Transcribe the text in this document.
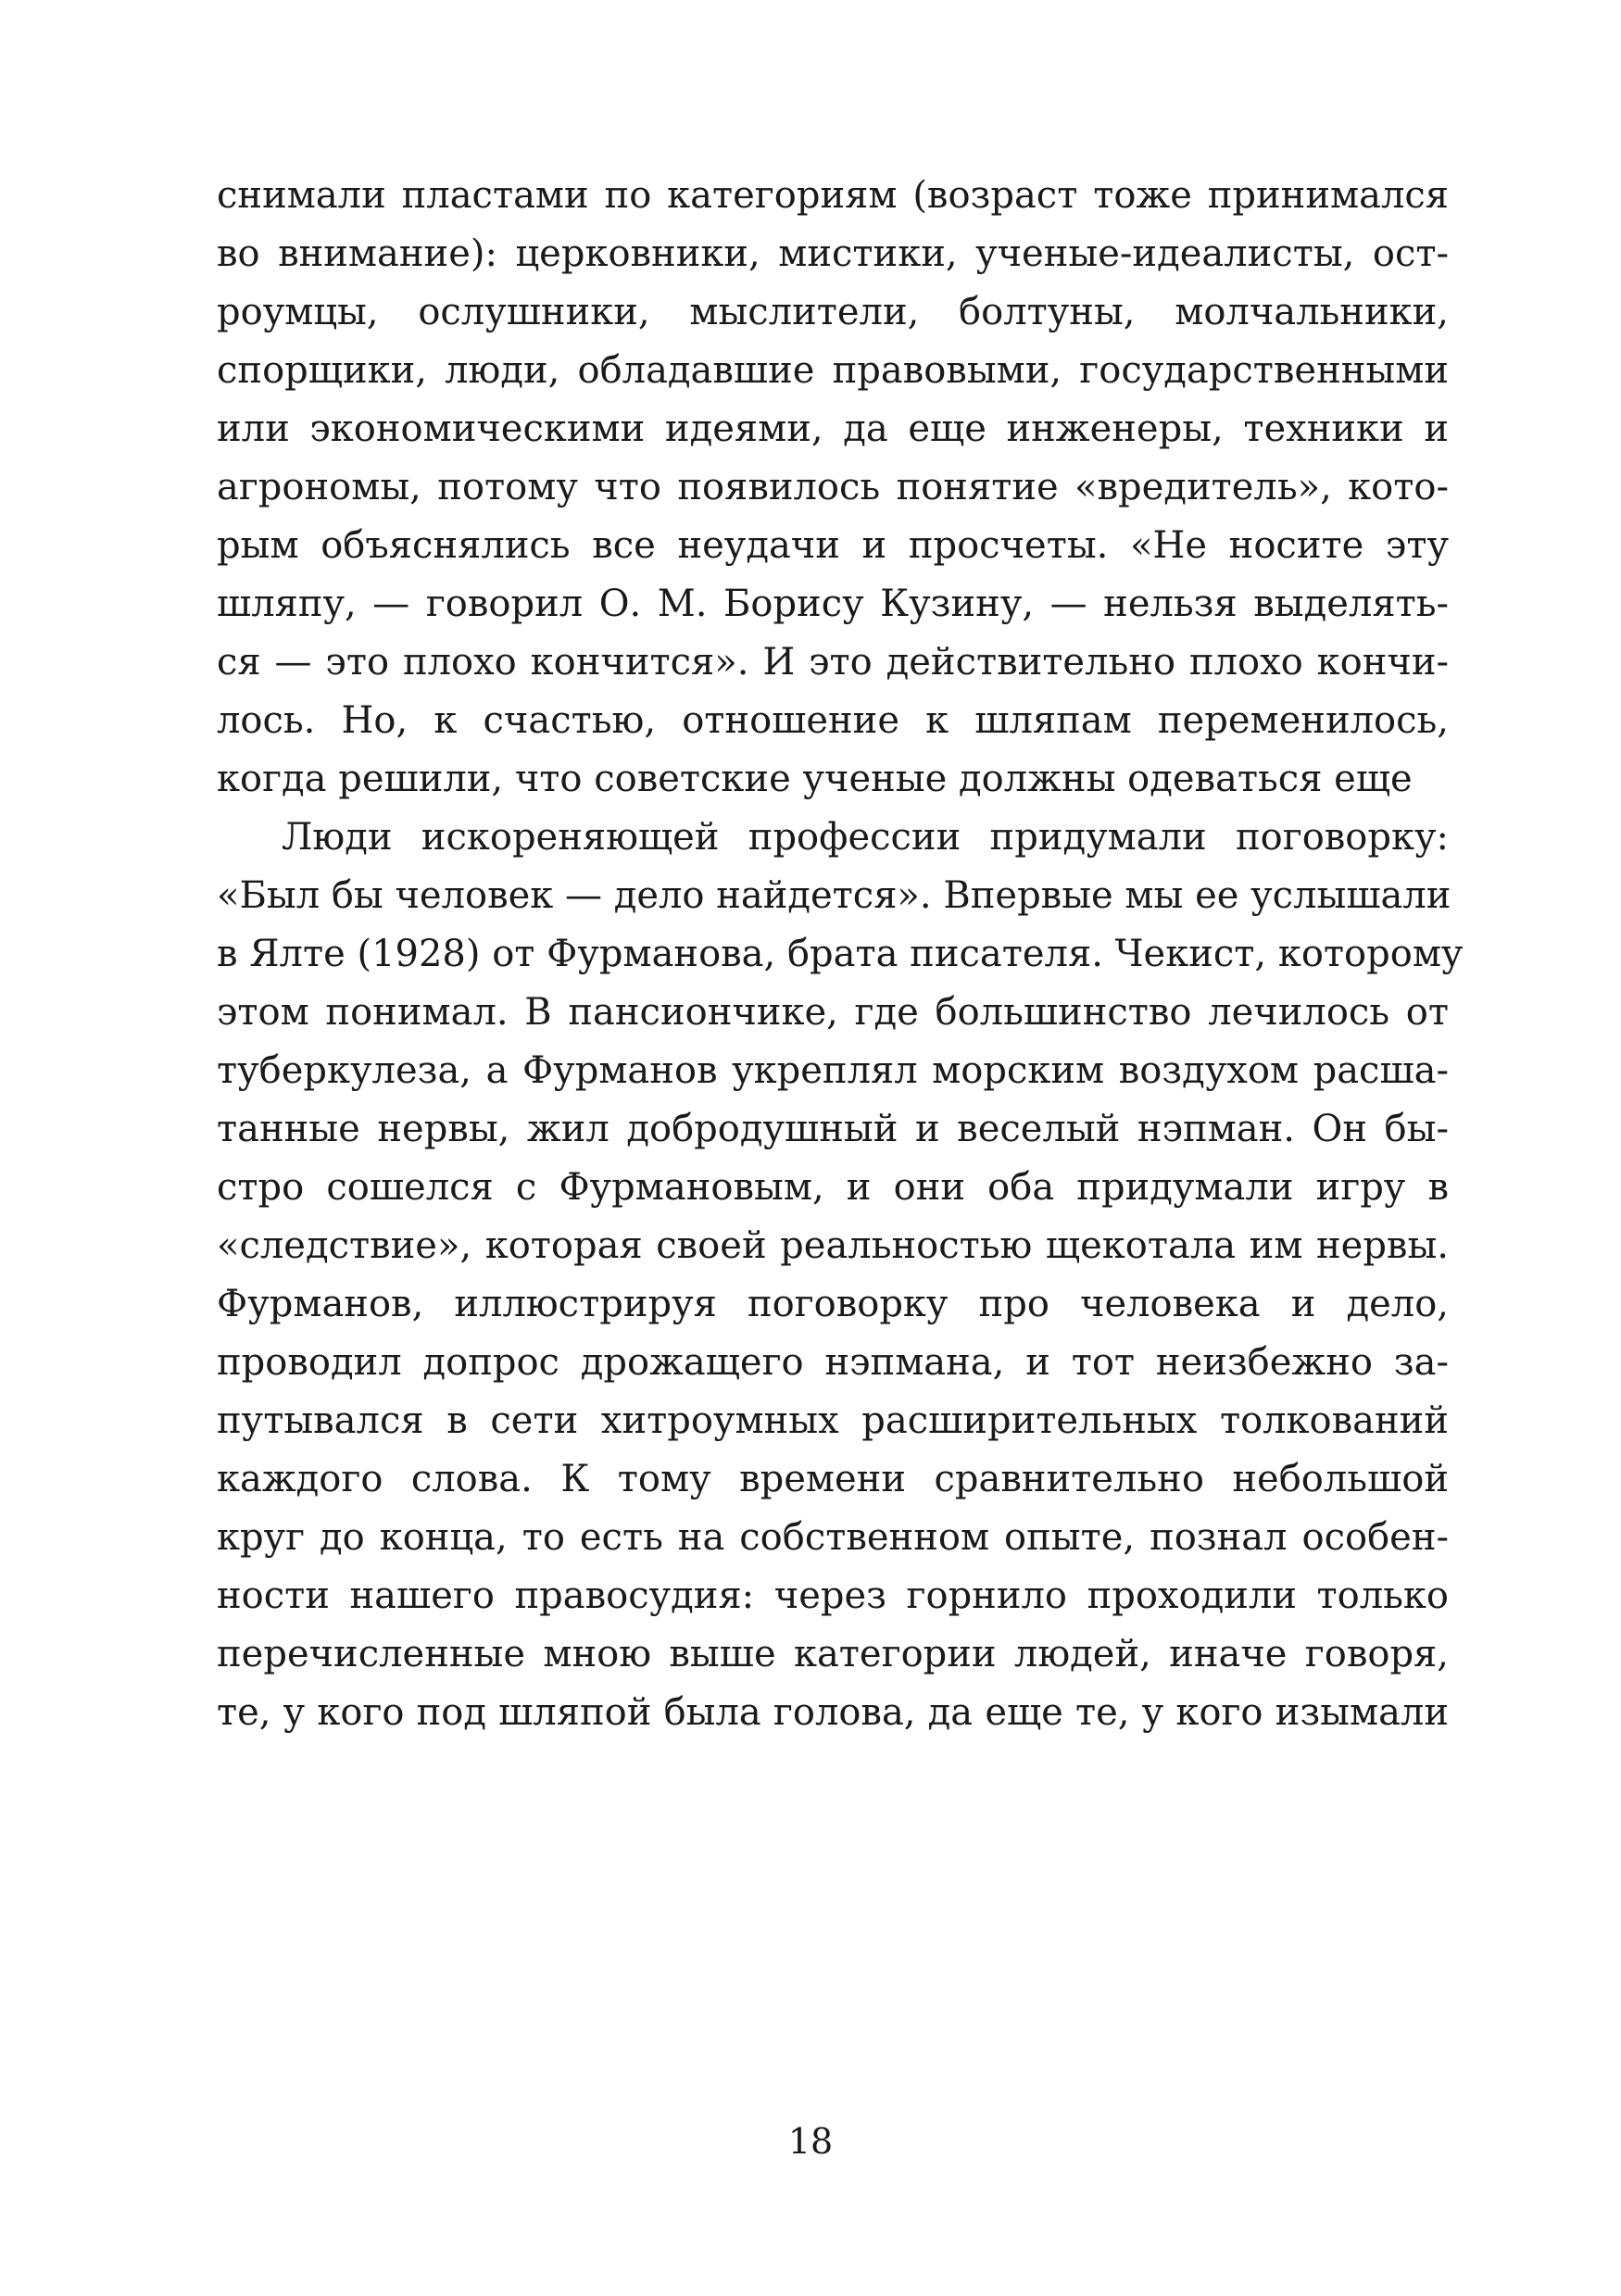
снимали пластами по категориям (возраст тоже принимался
во внимание): церковники, мистики, ученые-идеалисты, ост-
роумцы, ослушники, мыслители, болтуны, молчальники,
спорщики, люди, обладавшие правовыми, государственными
или экономическими идеями, да еще инженеры, техники и
агрономы, потому что появилось понятие «вредитель», кото-
рым объяснялись все неудачи и просчеты. «Не носите эту
шляпу, — говорил О. М. Борису Кузину, — нельзя выделять-
ся — это плохо кончится». И это действительно плохо кончи-
лось. Но, к счастью, отношение к шляпам переменилось,
когда решили, что советские ученые должны одеваться еще
Люди искореняющей профессии придумали поговорку:
«Был бы человек — дело найдется». Впервые мы ее услышали
в Ялте (1928) от Фурманова, брата писателя. Чекист, которому
этом понимал. В пансиончике, где большинство лечилось от
туберкулеза, а Фурманов укреплял морским воздухом расша-
танные нервы, жил добродушный и веселый нэпман. Он бы-
стро сошелся с Фурмановым, и они оба придумали игру в
«следствие», которая своей реальностью щекотала им нервы.
Фурманов, иллюстрируя поговорку про человека и дело,
проводил допрос дрожащего нэпмана, и тот неизбежно за-
путывался в сети хитроумных расширительных толкований
каждого слова. К тому времени сравнительно небольшой
круг до конца, то есть на собственном опыте, познал особен-
ности нашего правосудия: через горнило проходили только
перечисленные мною выше категории людей, иначе говоря,
те, у кого под шляпой была голова, да еще те, у кого изымали
18
